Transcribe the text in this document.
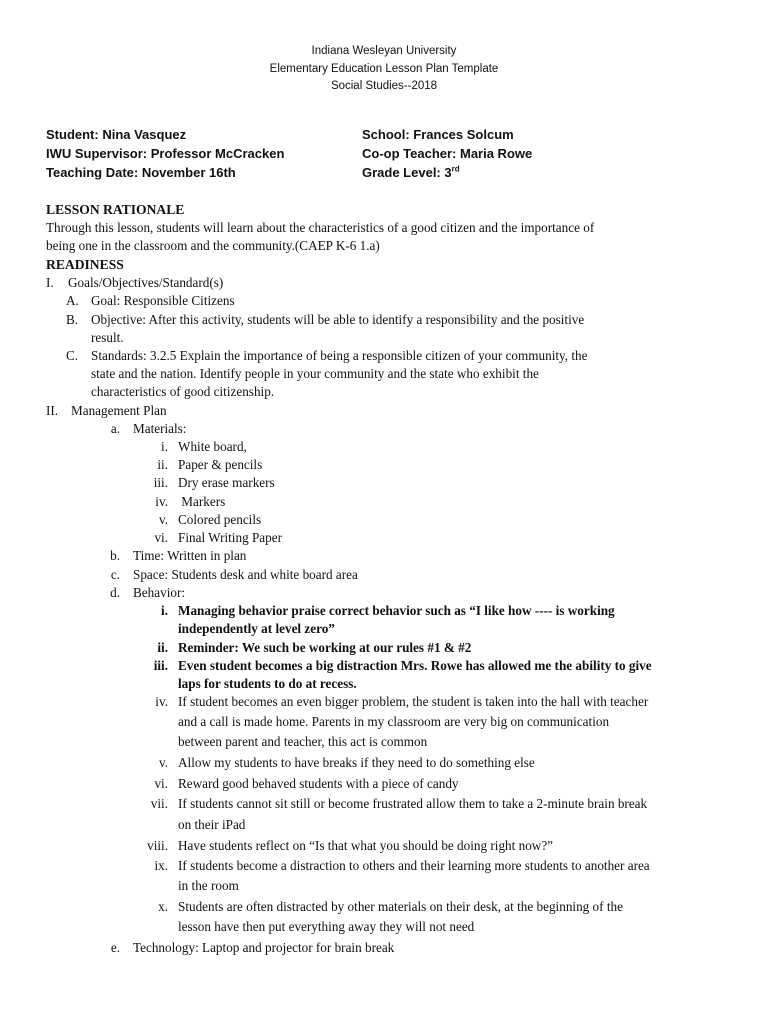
Indiana Wesleyan University
Elementary Education Lesson Plan Template
Social Studies--2018
Student: Nina Vasquez	School: Frances Solcum
IWU Supervisor: Professor McCracken	Co-op Teacher: Maria Rowe
Teaching Date: November 16th	Grade Level: 3rd
LESSON RATIONALE
Through this lesson, students will learn about the characteristics of a good citizen and the importance of
being one in the classroom and the community.(CAEP K-6 1.a)
READINESS
I. Goals/Objectives/Standard(s)
A. Goal: Responsible Citizens
B. Objective: After this activity, students will be able to identify a responsibility and the positive
result.
C. Standards: 3.2.5 Explain the importance of being a responsible citizen of your community, the
state and the nation. Identify people in your community and the state who exhibit the
characteristics of good citizenship.
II. Management Plan
a. Materials:
i. White board,
ii. Paper & pencils
iii. Dry erase markers
iv. Markers
v. Colored pencils
vi. Final Writing Paper
b. Time: Written in plan
c. Space: Students desk and white board area
d. Behavior:
i. Managing behavior praise correct behavior such as “I like how ---- is working
independently at level zero”
ii. Reminder: We such be working at our rules #1 & #2
iii. Even student becomes a big distraction Mrs. Rowe has allowed me the ability to give
laps for students to do at recess.
iv. If student becomes an even bigger problem, the student is taken into the hall with teacher
and a call is made home. Parents in my classroom are very big on communication
between parent and teacher, this act is common
v. Allow my students to have breaks if they need to do something else
vi. Reward good behaved students with a piece of candy
vii. If students cannot sit still or become frustrated allow them to take a 2-minute brain break
on their iPad
viii. Have students reflect on “Is that what you should be doing right now?”
ix. If students become a distraction to others and their learning more students to another area
in the room
x. Students are often distracted by other materials on their desk, at the beginning of the
lesson have then put everything away they will not need
e. Technology: Laptop and projector for brain break
